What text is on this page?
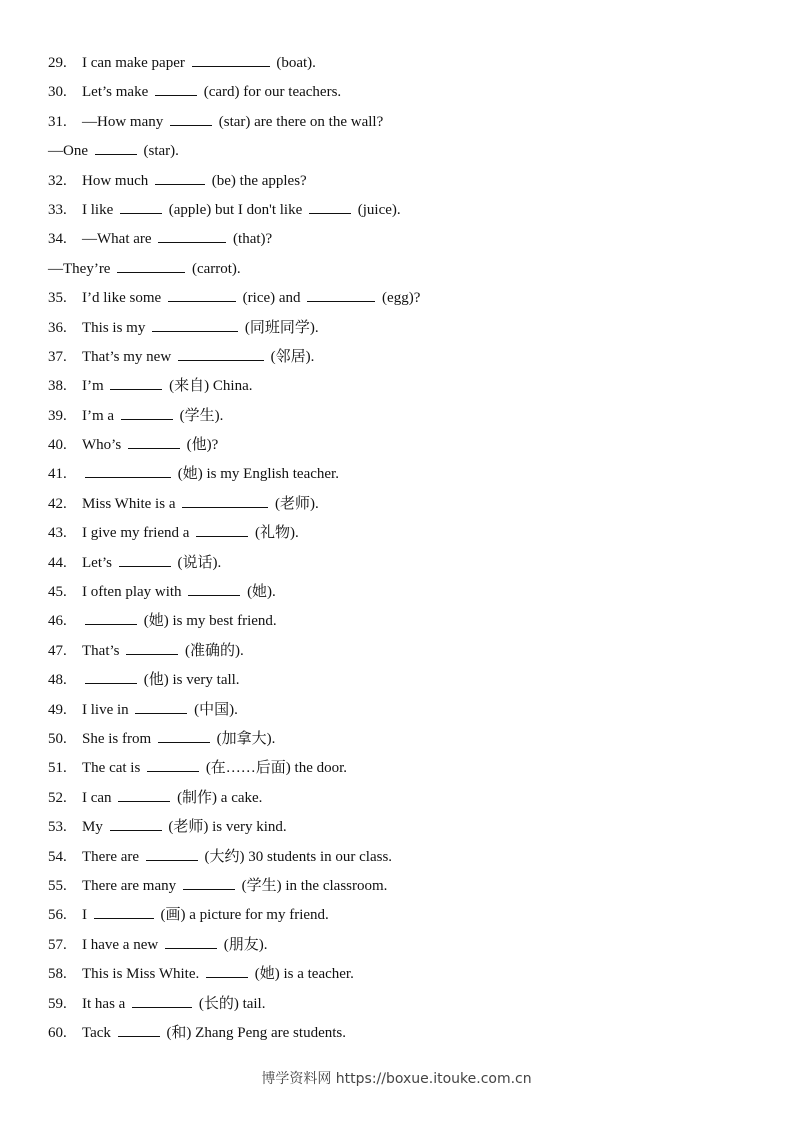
29. I can make paper	(boat).
30. Let’s make	(card) for our teachers.
31. —How many	(star) are there on the wall?
—One	(star).
32. How much	(be) the apples?
33. I like	(apple) but I don't like	(juice).
34. —What are	(that)?
—They’re	(carrot).
35. I’d like some	(rice) and	(egg)?
36. This is my	(同班同学).
37. That’s my new	(邻居).
38. I’m	(来自) China.
39. I’m a	(学生).
40. Who’s	(他)?
41.	(她) is my English teacher.
42. Miss White is a	(老师).
43. I give my friend a	(礼物).
44. Let’s	(说话).
45. I often play with	(她).
46.	(她) is my best friend.
47. That’s	(准确的).
48.	(他) is very tall.
49. I live in	(中国).
50. She is from	(加拿大).
51. The cat is	(在……后面) the door.
52. I can	(制作) a cake.
53. My	(老师) is very kind.
54. There are	(大约) 30 students in our class.
55. There are many	(学生) in the classroom.
56. I	(画) a picture for my friend.
57. I have a new	(朋友).
58. This is Miss White.	(她) is a teacher.
59. It has a	(长的) tail.
60. Tack	(和) Zhang Peng are students.
博学资料网 https://boxue.itouke.com.cn
